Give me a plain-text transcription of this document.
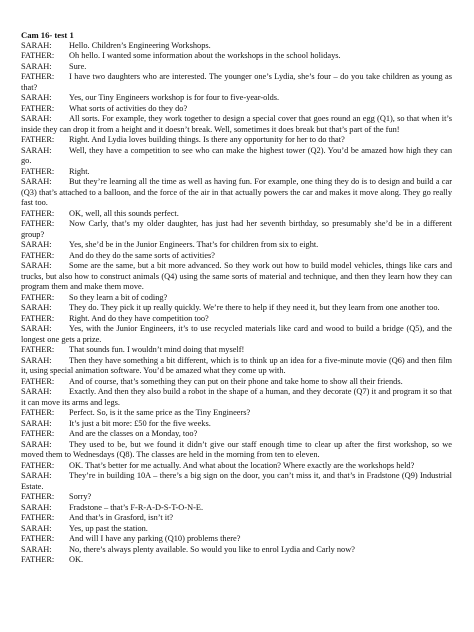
Cam 16- test 1

SARAH: Hello. Children’s Engineering Workshops.

FATHER: Oh hello. I wanted some information about the workshops in the school holidays.

SARAH: Sure.

FATHER: I have two daughters who are interested. The younger one’s Lydia, she’s four – do you take children as young as that?

SARAH: Yes, our Tiny Engineers workshop is for four to five-year-olds.

FATHER: What sorts of activities do they do?

SARAH: All sorts. For example, they work together to design a special cover that goes round an egg (Q1), so that when it’s inside they can drop it from a height and it doesn’t break. Well, sometimes it does break but that’s part of the fun!

FATHER: Right. And Lydia loves building things. Is there any opportunity for her to do that?

SARAH: Well, they have a competition to see who can make the highest tower (Q2). You’d be amazed how high they can go.

FATHER: Right.

SARAH: But they’re learning all the time as well as having fun. For example, one thing they do is to design and build a car (Q3) that’s attached to a balloon, and the force of the air in that actually powers the car and makes it move along. They go really fast too.

FATHER: OK, well, all this sounds perfect.

FATHER: Now Carly, that’s my older daughter, has just had her seventh birthday, so presumably she’d be in a different group?

SARAH: Yes, she’d be in the Junior Engineers. That’s for children from six to eight.

FATHER: And do they do the same sorts of activities?

SARAH: Some are the same, but a bit more advanced. So they work out how to build model vehicles, things like cars and trucks, but also how to construct animals (Q4) using the same sorts of material and technique, and then they learn how they can program them and make them move.

FATHER: So they learn a bit of coding?

SARAH: They do. They pick it up really quickly. We’re there to help if they need it, but they learn from one another too.

FATHER: Right. And do they have competition too?

SARAH: Yes, with the Junior Engineers, it’s to use recycled materials like card and wood to build a bridge (Q5), and the longest one gets a prize.

FATHER: That sounds fun. I wouldn’t mind doing that myself!

SARAH: Then they have something a bit different, which is to think up an idea for a five-minute movie (Q6) and then film it, using special animation software. You’d be amazed what they come up with.

FATHER: And of course, that’s something they can put on their phone and take home to show all their friends.

SARAH: Exactly. And then they also build a robot in the shape of a human, and they decorate (Q7) it and program it so that it can move its arms and legs.

FATHER: Perfect. So, is it the same price as the Tiny Engineers?

SARAH: It’s just a bit more: £50 for the five weeks.

FATHER: And are the classes on a Monday, too?

SARAH: They used to be, but we found it didn’t give our staff enough time to clear up after the first workshop, so we moved them to Wednesdays (Q8). The classes are held in the morning from ten to eleven.

FATHER: OK. That’s better for me actually. And what about the location? Where exactly are the workshops held?

SARAH: They’re in building 10A – there’s a big sign on the door, you can’t miss it, and that’s in Fradstone (Q9) Industrial Estate.

FATHER: Sorry?

SARAH: Fradstone – that’s F-R-A-D-S-T-O-N-E.

FATHER: And that’s in Grasford, isn’t it?

SARAH: Yes, up past the station.

FATHER: And will I have any parking (Q10) problems there?

SARAH: No, there’s always plenty available. So would you like to enrol Lydia and Carly now?

FATHER: OK.
